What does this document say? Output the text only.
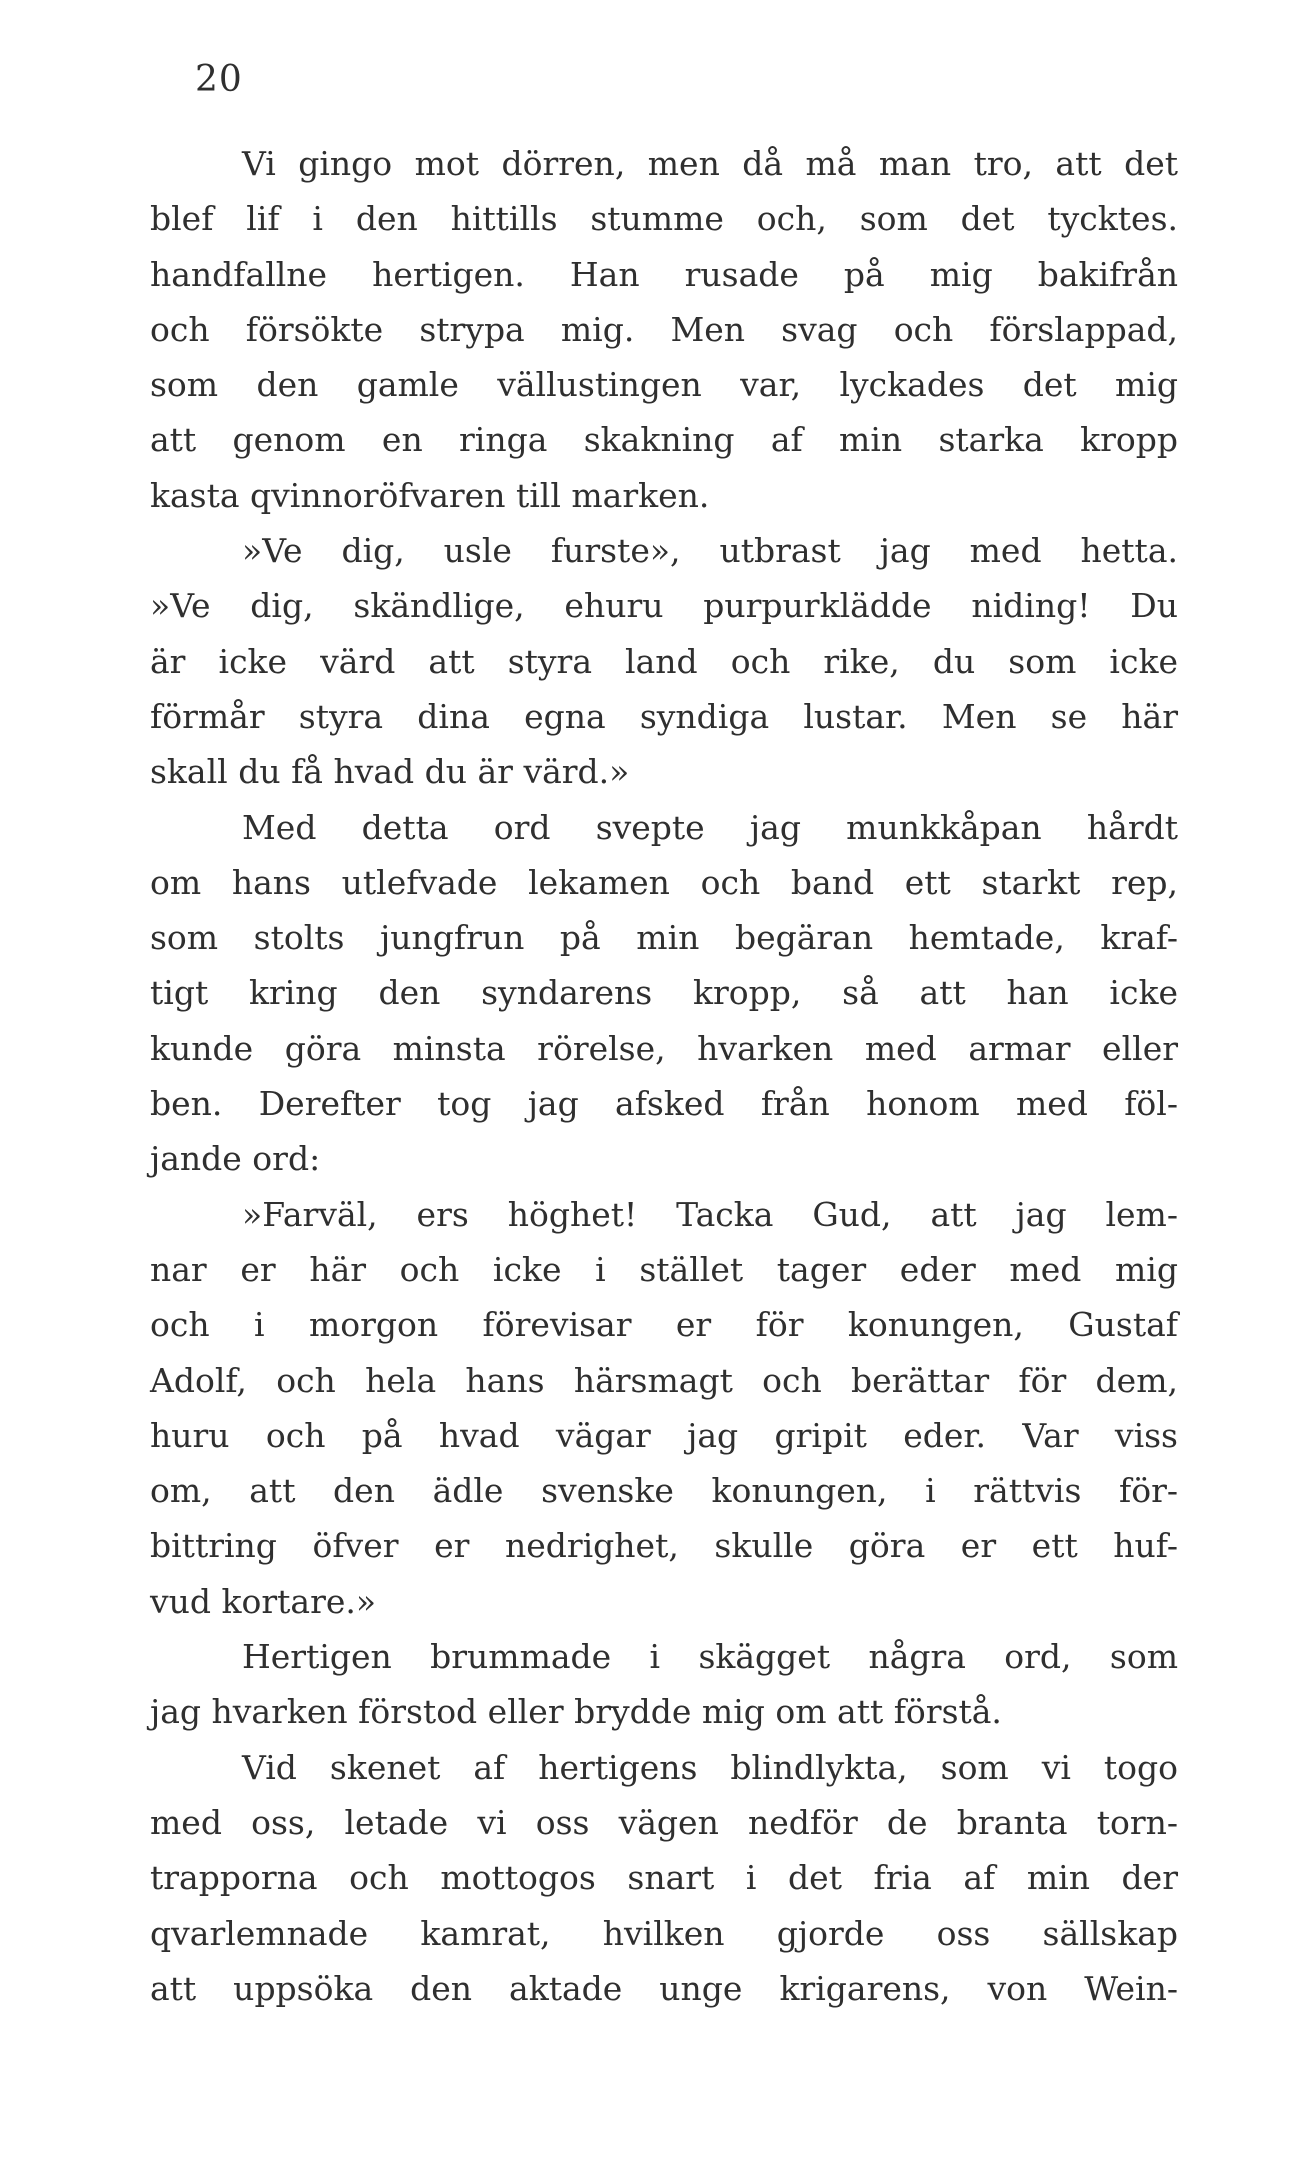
20
Vi gingo mot dörren, men då må man tro, att det
blef lif i den hittills stumme och, som det tycktes.
handfallne hertigen. Han rusade på mig bakifrån
och försökte strypa mig. Men svag och förslappad,
som den gamle vällustingen var, lyckades det mig
att genom en ringa skakning af min starka kropp
kasta qvinnoröfvaren till marken.
»Ve dig, usle furste», utbrast jag med hetta.
»Ve dig, skändlige, ehuru purpurklädde niding! Du
är icke värd att styra land och rike, du som icke
förmår styra dina egna syndiga lustar. Men se här
skall du få hvad du är värd.»
Med detta ord svepte jag munkkåpan hårdt
om hans utlefvade lekamen och band ett starkt rep,
som stolts jungfrun på min begäran hemtade, kraf-
tigt kring den syndarens kropp, så att han icke
kunde göra minsta rörelse, hvarken med armar eller
ben. Derefter tog jag afsked från honom med föl-
jande ord:
»Farväl, ers höghet! Tacka Gud, att jag lem-
nar er här och icke i stället tager eder med mig
och i morgon förevisar er för konungen, Gustaf
Adolf, och hela hans härsmagt och berättar för dem,
huru och på hvad vägar jag gripit eder. Var viss
om, att den ädle svenske konungen, i rättvis för-
bittring öfver er nedrighet, skulle göra er ett huf-
vud kortare.»
Hertigen brummade i skägget några ord, som
jag hvarken förstod eller brydde mig om att förstå.
Vid skenet af hertigens blindlykta, som vi togo
med oss, letade vi oss vägen nedför de branta torn-
trapporna och mottogos snart i det fria af min der
qvarlemnade kamrat, hvilken gjorde oss sällskap
att uppsöka den aktade unge krigarens, von Wein-
